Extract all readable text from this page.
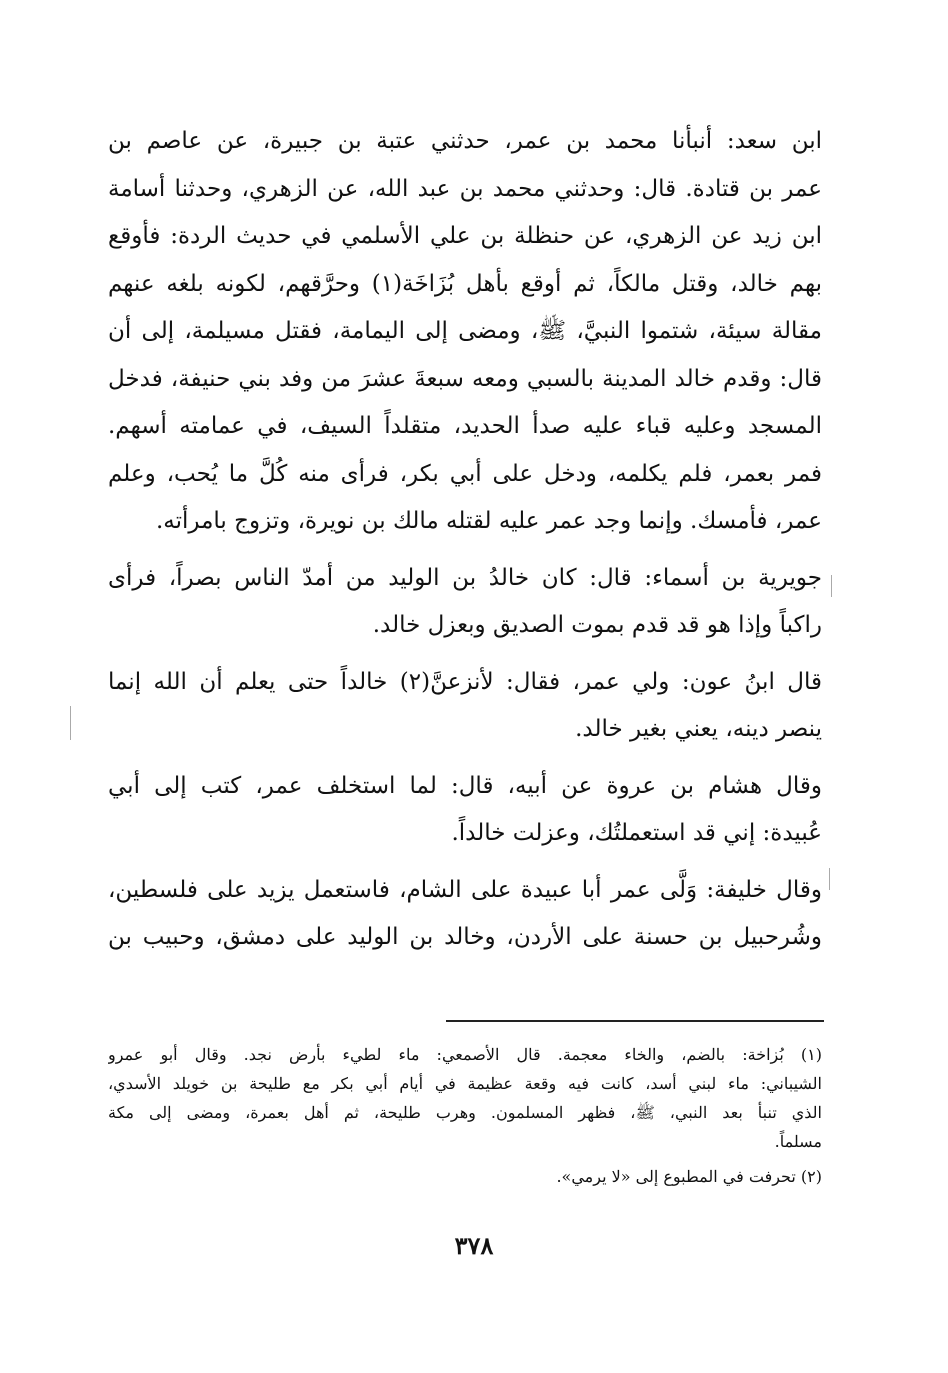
ابن سعد: أنبأنا محمد بن عمر، حدثني عتبة بن جبيرة، عن عاصم بن
عمر بن قتادة. قال: وحدثني محمد بن عبد الله، عن الزهري، وحدثنا أسامة
ابن زيد عن الزهري، عن حنظلة بن علي الأسلمي في حديث الردة: فأوقع
بهم خالد، وقتل مالكاً، ثم أوقع بأهل بُزَاخَة(١) وحرَّقهم، لكونه بلغه عنهم
مقالة سيئة، شتموا النبيَّ، ﷺ، ومضى إلى اليمامة، فقتل مسيلمة، إلى أن
قال: وقدم خالد المدينة بالسبي ومعه سبعةَ عشرَ من وفد بني حنيفة، فدخل
المسجد وعليه قباء عليه صدأ الحديد، متقلداً السيف، في عمامته أسهم.
فمر بعمر، فلم يكلمه، ودخل على أبي بكر، فرأى منه كُلَّ ما يُحب، وعلم
عمر، فأمسك. وإنما وجد عمر عليه لقتله مالك بن نويرة، وتزوج بامرأته.
جويرية بن أسماء: قال: كان خالدُ بن الوليد من أمدّ الناس بصراً، فرأى
راكباً وإذا هو قد قدم بموت الصديق وبعزل خالد.
قال ابنُ عون: ولي عمر، فقال: لأنزعنَّ(٢) خالداً حتى يعلم أن الله إنما
ينصر دينه، يعني بغير خالد.
وقال هشام بن عروة عن أبيه، قال: لما استخلف عمر، كتب إلى أبي
عُبيدة: إني قد استعملتُك، وعزلت خالداً.
وقال خليفة: وَلَّى عمر أبا عبيدة على الشام، فاستعمل يزيد على فلسطين،
وشُرحبيل بن حسنة على الأردن، وخالد بن الوليد على دمشق، وحبيب بن
(١) بُزاخة: بالضم، والخاء معجمة. قال الأصمعي: ماء لطيء بأرض نجد. وقال أبو عمرو
الشيباني: ماء لبني أسد، كانت فيه وقعة عظيمة في أيام أبي بكر مع طليحة بن خويلد الأسدي،
الذي تنبأ بعد النبي، ﷺ، فظهر المسلمون. وهرب طليحة، ثم أهل بعمرة، ومضى إلى مكة
مسلماً.
(٢) تحرفت في المطبوع إلى «لا يرمي».
٣٧٨
